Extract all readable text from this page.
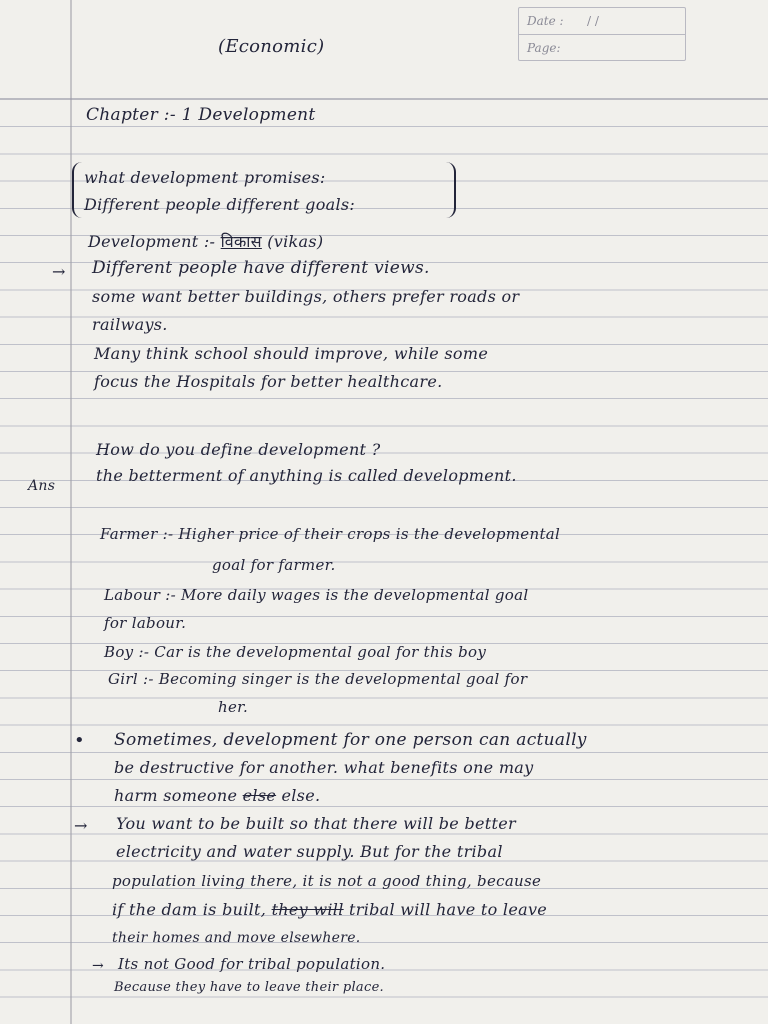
Date :	/ /
Page:
(Economic)
Chapter :- 1 Development
what development promises:
Different people different goals:
Development :- विकास (vikas)
→ Different people have different views.
some want better buildings, others prefer roads or
railways.
Many think school should improve, while some
focus the Hospitals for better healthcare.
How do you define development ?
Ans
the betterment of anything is called development.
Farmer :- Higher price of their crops is the developmental
goal for farmer.
Labour :- More daily wages is the developmental goal
for labour.
Boy :- Car is the developmental goal for this boy
Girl :- Becoming singer is the developmental goal for
her.
• Sometimes, development for one person can actually
be destructive for another. what benefits one may
harm someone else else.
→ You want to be built so that there will be better
electricity and water supply. But for the tribal
population living there, it is not a good thing, because
if the dam is built, they will tribal will have to leave
their homes and move elsewhere.
→ Its not Good for tribal population.
Because they have to leave their place.
